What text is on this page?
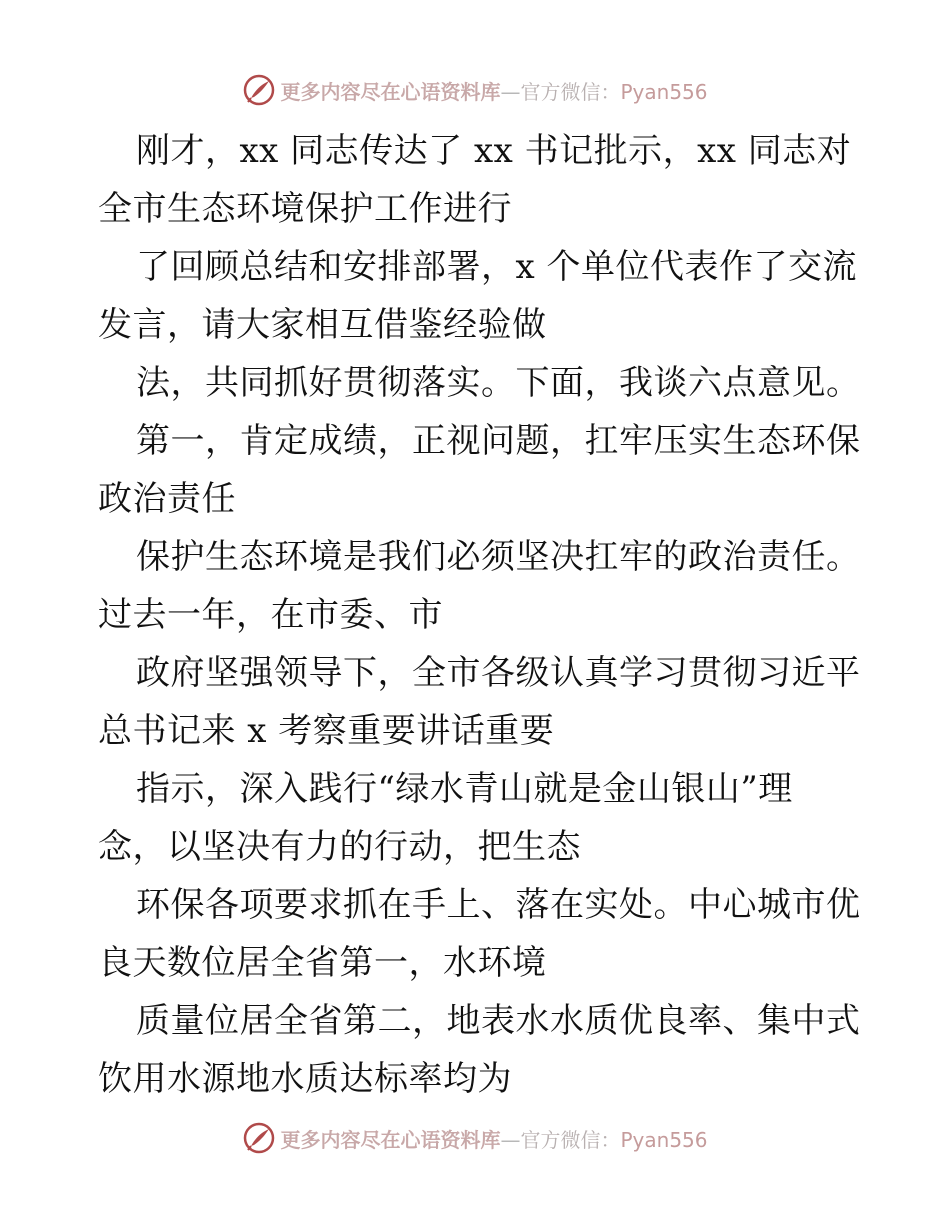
更多内容尽在心语资料库—官方微信：Pyan556
刚才，xx 同志传达了 xx 书记批示，xx 同志对
全市生态环境保护工作进行
了回顾总结和安排部署，x 个单位代表作了交流
发言，请大家相互借鉴经验做
法，共同抓好贯彻落实。下面，我谈六点意见。
第一，肯定成绩，正视问题，扛牢压实生态环保
政治责任
保护生态环境是我们必须坚决扛牢的政治责任。
过去一年，在市委、市
政府坚强领导下，全市各级认真学习贯彻习近平
总书记来 x 考察重要讲话重要
指示，深入践行“绿水青山就是金山银山”理
念，以坚决有力的行动，把生态
环保各项要求抓在手上、落在实处。中心城市优
良天数位居全省第一，水环境
质量位居全省第二，地表水水质优良率、集中式
饮用水源地水质达标率均为
更多内容尽在心语资料库—官方微信：Pyan556
